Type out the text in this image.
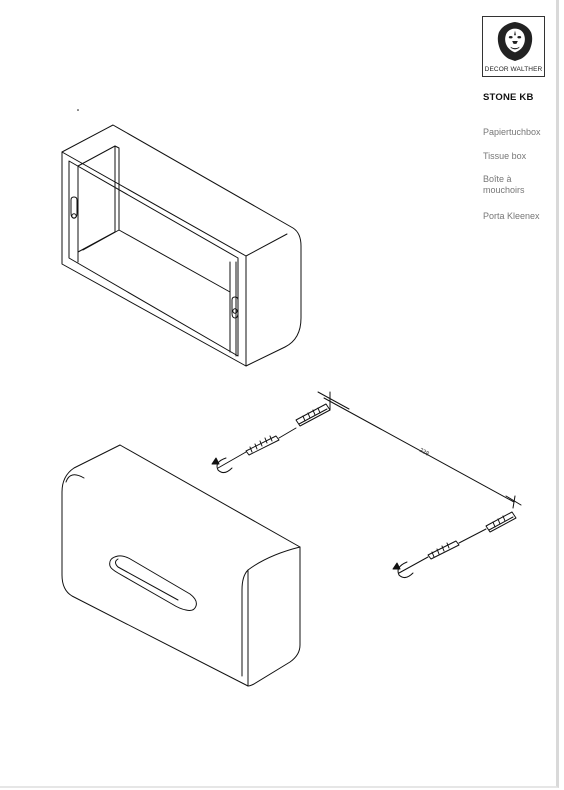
DECOR WALTHER
STONE KB
Papiertuchbox
Tissue box
Boîte à
mouchoirs
Porta Kleenex
228
